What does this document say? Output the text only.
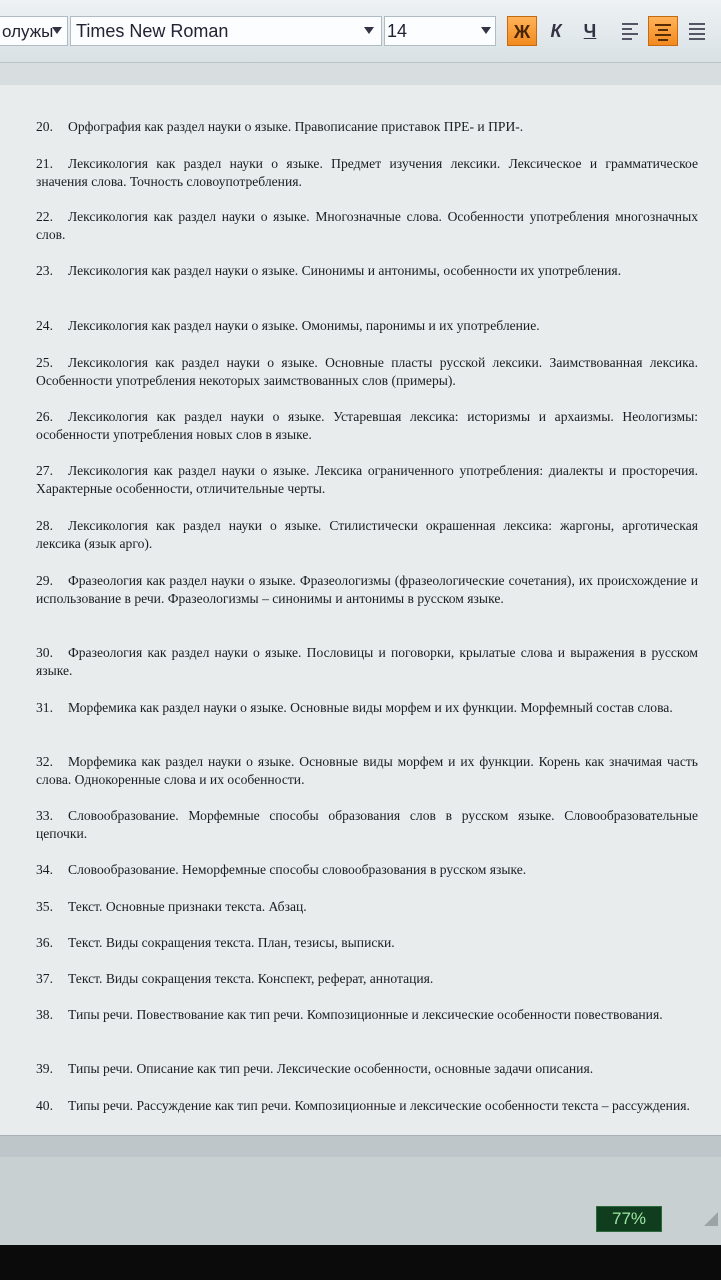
олужы	Times New Roman	14	Ж	К	Ч
20. Орфография как раздел науки о языке. Правописание приставок ПРЕ- и ПРИ-.
21. Лексикология как раздел науки о языке. Предмет изучения лексики. Лексическое и грамматическое значения слова. Точность словоупотребления.
22. Лексикология как раздел науки о языке. Многозначные слова. Особенности употребления многозначных слов.
23. Лексикология как раздел науки о языке. Синонимы и антонимы, особенности их употребления.
24. Лексикология как раздел науки о языке. Омонимы, паронимы и их употребление.
25. Лексикология как раздел науки о языке. Основные пласты русской лексики. Заимствованная лексика. Особенности употребления некоторых заимствованных слов (примеры).
26. Лексикология как раздел науки о языке. Устаревшая лексика: историзмы и архаизмы. Неологизмы: особенности употребления новых слов в языке.
27. Лексикология как раздел науки о языке. Лексика ограниченного употребления: диалекты и просторечия. Характерные особенности, отличительные черты.
28. Лексикология как раздел науки о языке. Стилистически окрашенная лексика: жаргоны, арготическая лексика (язык арго).
29. Фразеология как раздел науки о языке. Фразеологизмы (фразеологические сочетания), их происхождение и использование в речи. Фразеологизмы – синонимы и антонимы в русском языке.
30. Фразеология как раздел науки о языке. Пословицы и поговорки, крылатые слова и выражения в русском языке.
31. Морфемика как раздел науки о языке. Основные виды морфем и их функции. Морфемный состав слова.
32. Морфемика как раздел науки о языке. Основные виды морфем и их функции. Корень как значимая часть слова. Однокоренные слова и их особенности.
33. Словообразование. Морфемные способы образования слов в русском языке. Словообразовательные цепочки.
34. Словообразование. Неморфемные способы словообразования в русском языке.
35. Текст. Основные признаки текста. Абзац.
36. Текст. Виды сокращения текста. План, тезисы, выписки.
37. Текст. Виды сокращения текста. Конспект, реферат, аннотация.
38. Типы речи. Повествование как тип речи. Композиционные и лексические особенности повествования.
39. Типы речи. Описание как тип речи. Лексические особенности, основные задачи описания.
40. Типы речи. Рассуждение как тип речи. Композиционные и лексические особенности текста – рассуждения.
77%
